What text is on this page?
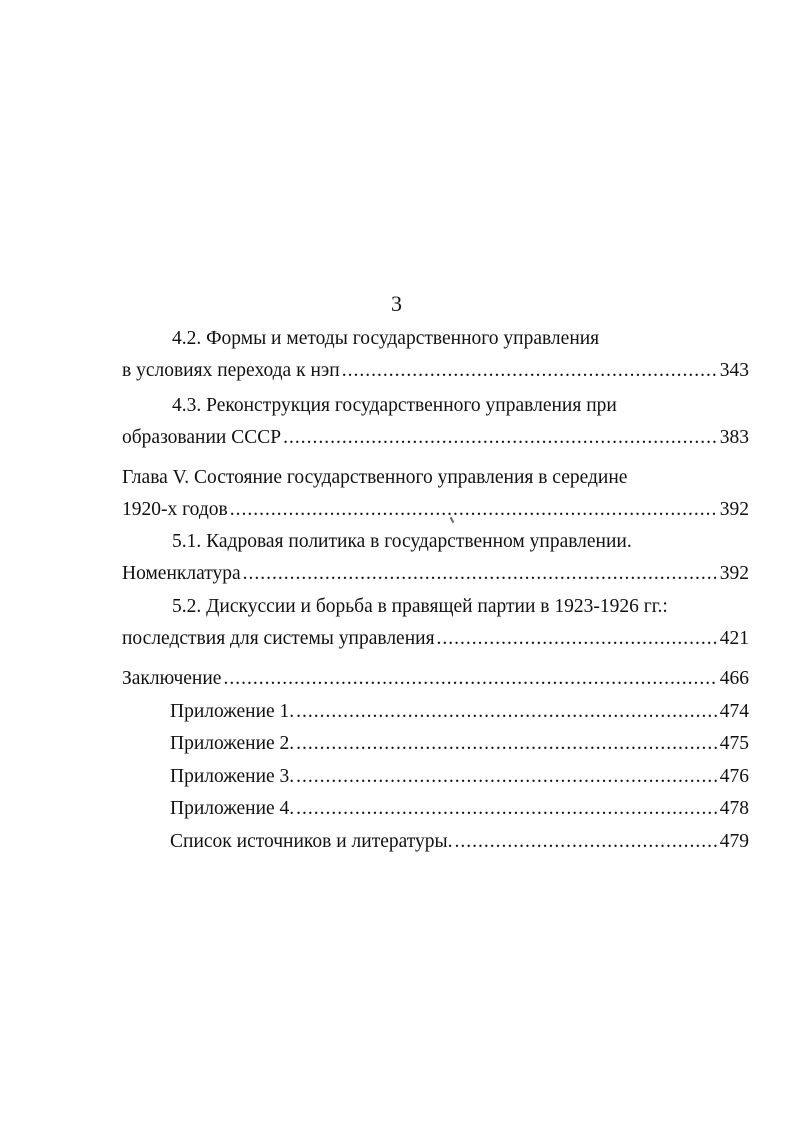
3
4.2. Формы и методы государственного управления
в условиях перехода к нэп .....	343
4.3. Реконструкция государственного управления при
образовании СССР .....	383
Глава V. Состояние государственного управления в середине
1920-х годов .....	392
5.1. Кадровая политика в государственном управлении.
Номенклатура .....	392
5.2. Дискуссии и борьба в правящей партии в 1923-1926 гг.:
последствия для системы управления .....	421
Заключение .....	466
Приложение 1. .....	474
Приложение 2. .....	475
Приложение 3. .....	476
Приложение 4. .....	478
Список источников и литературы. .....	479
